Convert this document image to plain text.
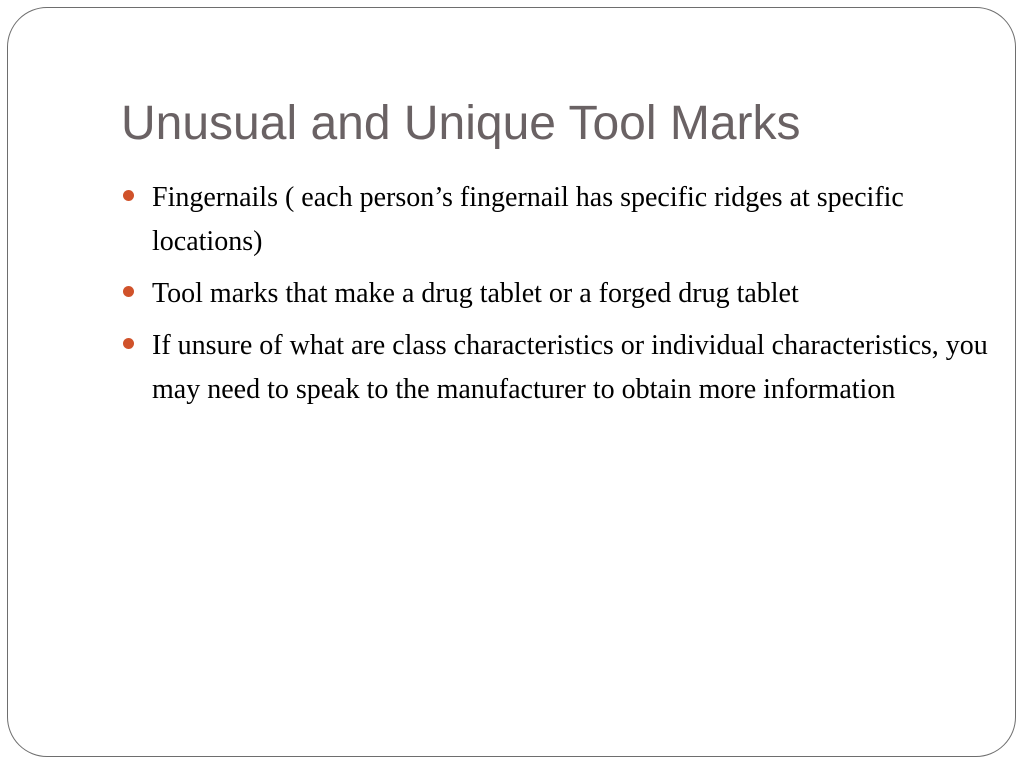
Unusual and Unique Tool Marks
Fingernails ( each person’s fingernail has specific ridges at specific locations)
Tool marks that make a drug tablet or a forged drug tablet
If unsure of what are class characteristics or individual characteristics, you may need to speak to the manufacturer to obtain more information
